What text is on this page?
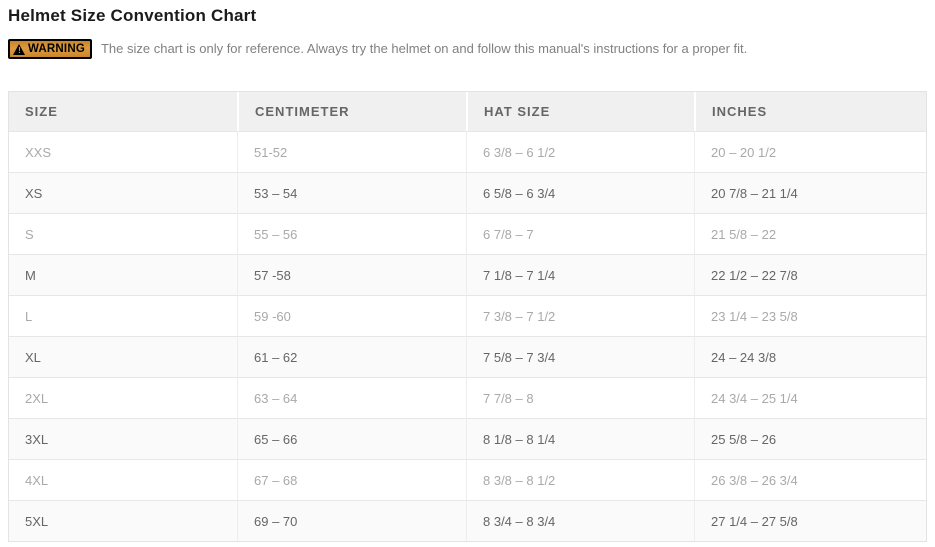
Helmet Size Convention Chart
! WARNING The size chart is only for reference. Always try the helmet on and follow this manual's instructions for a proper fit.
SIZE	CENTIMETER	HAT SIZE	INCHES
XXS	51-52	6 3/8 – 6 1/2	20 – 20 1/2
XS	53 – 54	6 5/8 – 6 3/4	20 7/8 – 21 1/4
S	55 – 56	6 7/8 – 7	21 5/8 – 22
M	57 -58	7 1/8 – 7 1/4	22 1/2 – 22 7/8
L	59 -60	7 3/8 – 7 1/2	23 1/4 – 23 5/8
XL	61 – 62	7 5/8 – 7 3/4	24 – 24 3/8
2XL	63 – 64	7 7/8 – 8	24 3/4 – 25 1/4
3XL	65 – 66	8 1/8 – 8 1/4	25 5/8 – 26
4XL	67 – 68	8 3/8 – 8 1/2	26 3/8 – 26 3/4
5XL	69 – 70	8 3/4 – 8 3/4	27 1/4 – 27 5/8
